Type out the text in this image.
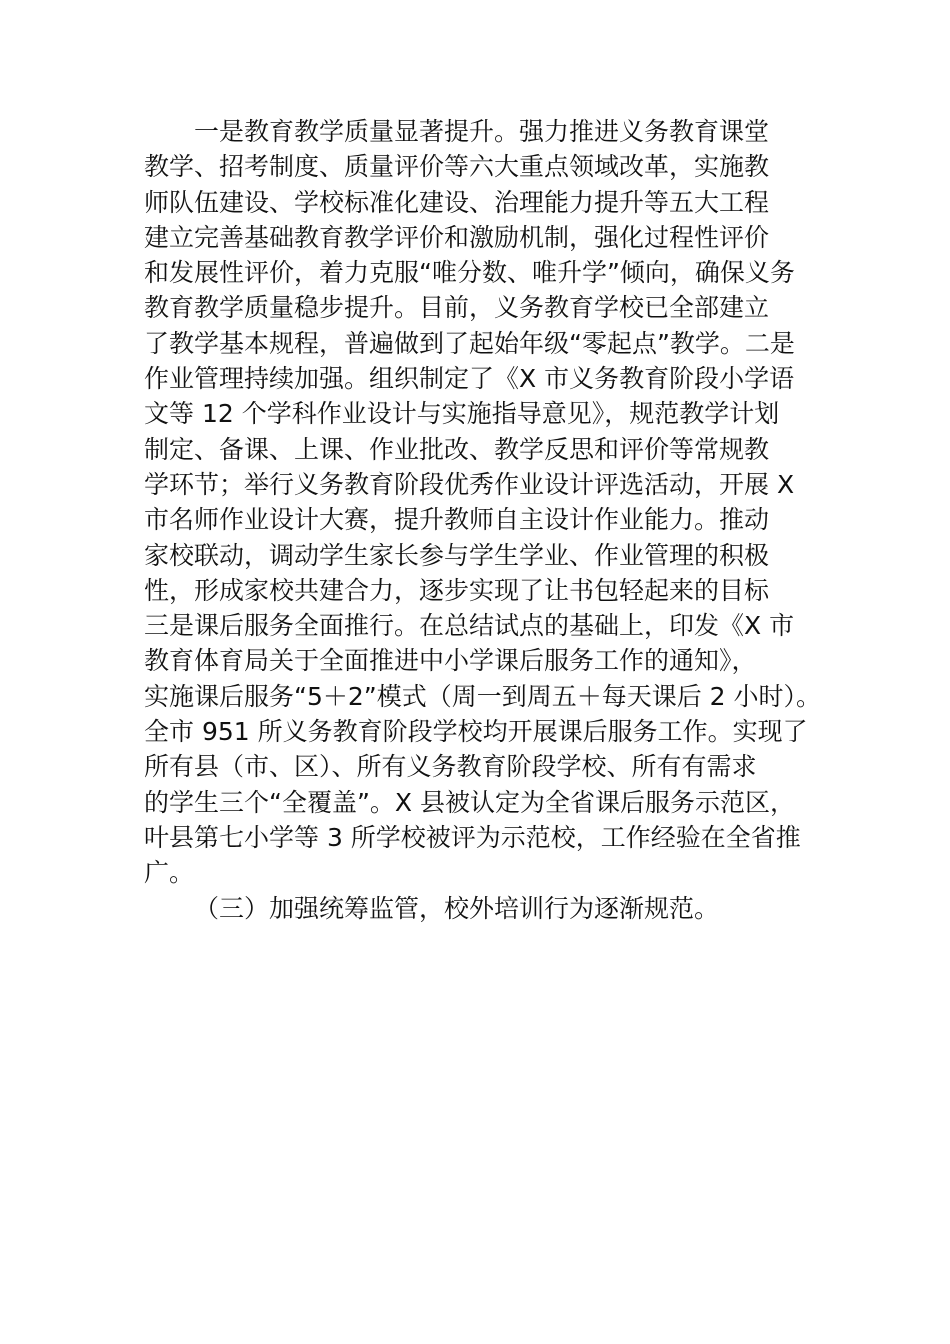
一是教育教学质量显著提升。强力推进义务教育课堂
教学、招考制度、质量评价等六大重点领域改革，实施教
师队伍建设、学校标准化建设、治理能力提升等五大工程
建立完善基础教育教学评价和激励机制，强化过程性评价
和发展性评价，着力克服“唯分数、唯升学”倾向，确保义务
教育教学质量稳步提升。目前，义务教育学校已全部建立
了教学基本规程，普遍做到了起始年级“零起点”教学。二是
作业管理持续加强。组织制定了《X 市义务教育阶段小学语
文等 12 个学科作业设计与实施指导意见》，规范教学计划
制定、备课、上课、作业批改、教学反思和评价等常规教
学环节；举行义务教育阶段优秀作业设计评选活动，开展 X
市名师作业设计大赛，提升教师自主设计作业能力。推动
家校联动，调动学生家长参与学生学业、作业管理的积极
性，形成家校共建合力，逐步实现了让书包轻起来的目标
三是课后服务全面推行。在总结试点的基础上，印发《X 市
教育体育局关于全面推进中小学课后服务工作的通知》，
实施课后服务“5＋2”模式（周一到周五＋每天课后 2 小时）。
全市 951 所义务教育阶段学校均开展课后服务工作。实现了
所有县（市、区）、所有义务教育阶段学校、所有有需求
的学生三个“全覆盖”。X 县被认定为全省课后服务示范区，
叶县第七小学等 3 所学校被评为示范校，工作经验在全省推
广。
（三）加强统筹监管，校外培训行为逐渐规范。
